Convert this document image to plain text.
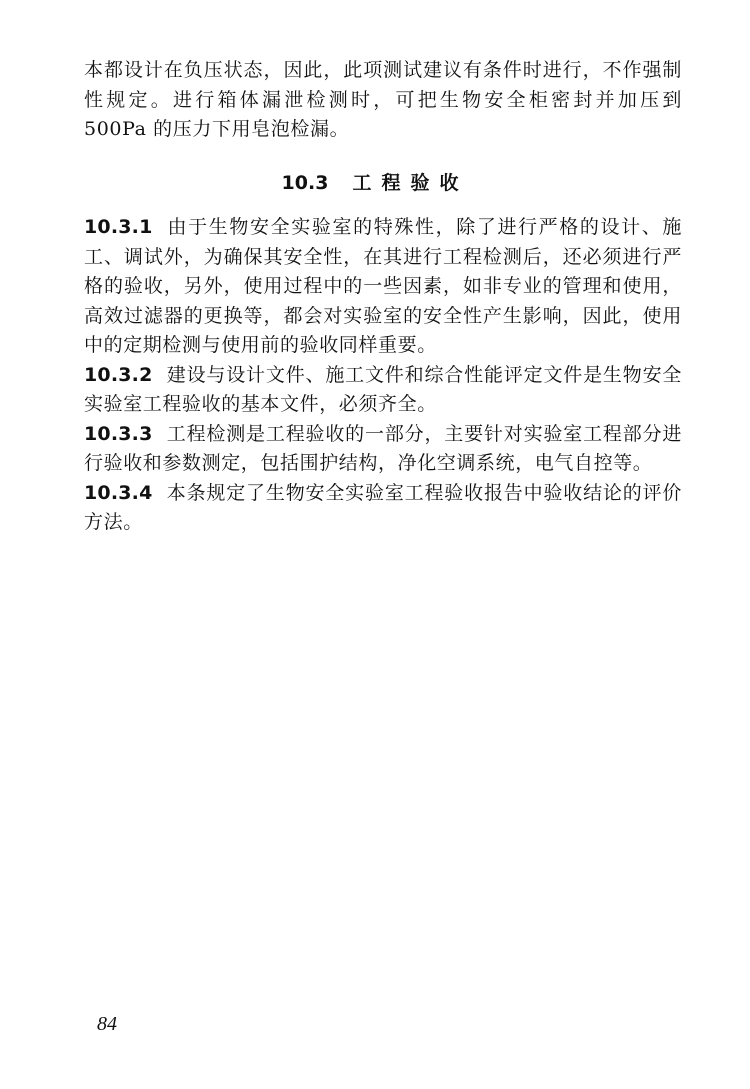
本都设计在负压状态，因此，此项测试建议有条件时进行，不作强制性规定。进行箱体漏泄检测时，可把生物安全柜密封并加压到 500Pa 的压力下用皂泡检漏。

10.3 工程验收

10.3.1 由于生物安全实验室的特殊性，除了进行严格的设计、施工、调试外，为确保其安全性，在其进行工程检测后，还必须进行严格的验收，另外，使用过程中的一些因素，如非专业的管理和使用，高效过滤器的更换等，都会对实验室的安全性产生影响，因此，使用中的定期检测与使用前的验收同样重要。

10.3.2 建设与设计文件、施工文件和综合性能评定文件是生物安全实验室工程验收的基本文件，必须齐全。

10.3.3 工程检测是工程验收的一部分，主要针对实验室工程部分进行验收和参数测定，包括围护结构，净化空调系统，电气自控等。

10.3.4 本条规定了生物安全实验室工程验收报告中验收结论的评价方法。

84
